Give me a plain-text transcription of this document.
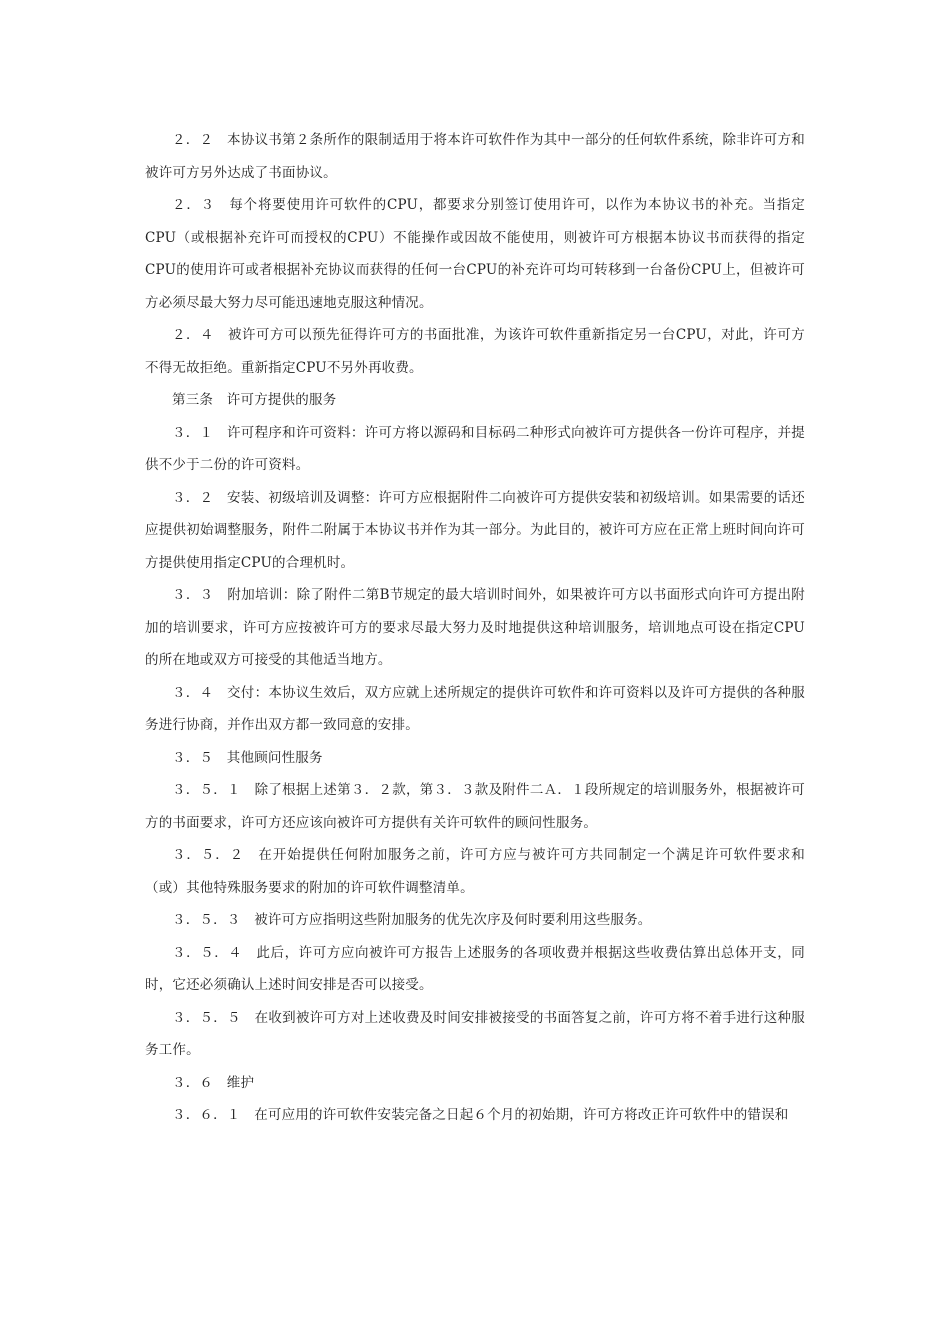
２．２　本协议书第２条所作的限制适用于将本许可软件作为其中一部分的任何软件系统，除非许可方和被许可方另外达成了书面协议。

２．３　每个将要使用许可软件的CPU，都要求分别签订使用许可，以作为本协议书的补充。当指定CPU（或根据补充许可而授权的CPU）不能操作或因故不能使用，则被许可方根据本协议书而获得的指定CPU的使用许可或者根据补充协议而获得的任何一台CPU的补充许可均可转移到一台备份CPU上，但被许可方必须尽最大努力尽可能迅速地克服这种情况。

２．４　被许可方可以预先征得许可方的书面批准，为该许可软件重新指定另一台CPU，对此，许可方不得无故拒绝。重新指定CPU不另外再收费。

第三条　许可方提供的服务

３．１　许可程序和许可资料：许可方将以源码和目标码二种形式向被许可方提供各一份许可程序，并提供不少于二份的许可资料。

３．２　安装、初级培训及调整：许可方应根据附件二向被许可方提供安装和初级培训。如果需要的话还应提供初始调整服务，附件二附属于本协议书并作为其一部分。为此目的，被许可方应在正常上班时间向许可方提供使用指定CPU的合理机时。

３．３　附加培训：除了附件二第B节规定的最大培训时间外，如果被许可方以书面形式向许可方提出附加的培训要求，许可方应按被许可方的要求尽最大努力及时地提供这种培训服务，培训地点可设在指定CPU的所在地或双方可接受的其他适当地方。

３．４　交付：本协议生效后，双方应就上述所规定的提供许可软件和许可资料以及许可方提供的各种服务进行协商，并作出双方都一致同意的安排。

３．５　其他顾问性服务

３．５．１　除了根据上述第３．２款，第３．３款及附件二Ａ．１段所规定的培训服务外，根据被许可方的书面要求，许可方还应该向被许可方提供有关许可软件的顾问性服务。

３．５．２　在开始提供任何附加服务之前，许可方应与被许可方共同制定一个满足许可软件要求和（或）其他特殊服务要求的附加的许可软件调整清单。

３．５．３　被许可方应指明这些附加服务的优先次序及何时要利用这些服务。

３．５．４　此后，许可方应向被许可方报告上述服务的各项收费并根据这些收费估算出总体开支，同时，它还必须确认上述时间安排是否可以接受。

３．５．５　在收到被许可方对上述收费及时间安排被接受的书面答复之前，许可方将不着手进行这种服务工作。

３．６　维护

３．６．１　在可应用的许可软件安装完备之日起６个月的初始期，许可方将改正许可软件中的错误和
